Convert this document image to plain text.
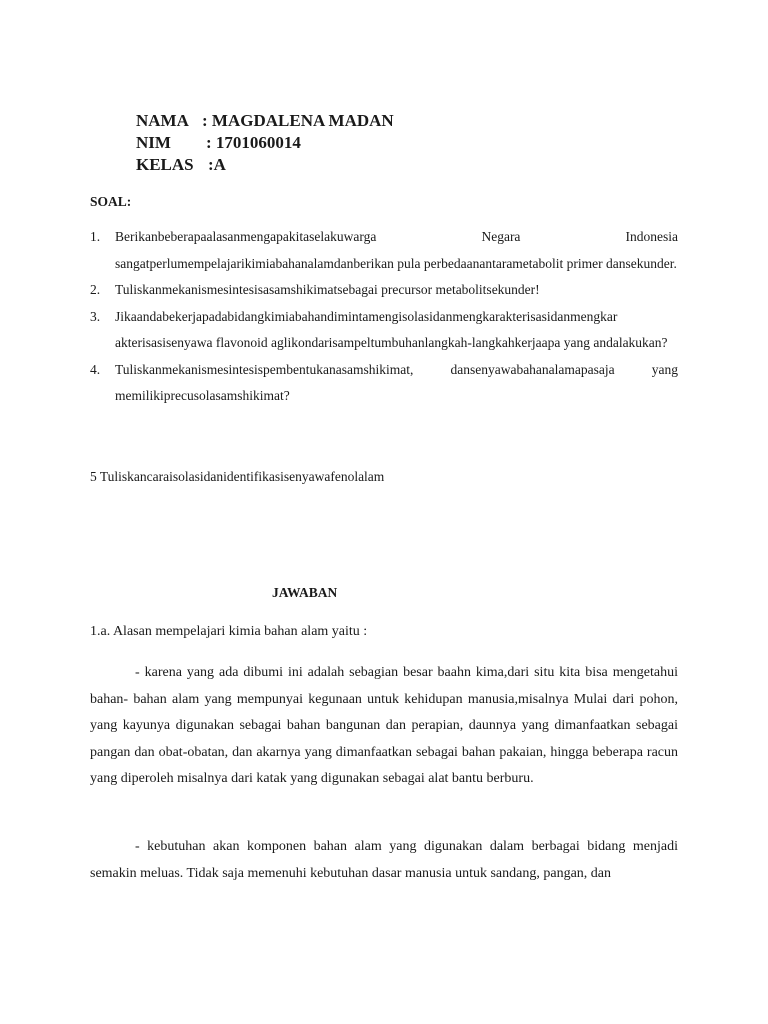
NAMA : MAGDALENA MADAN
NIM	: 1701060014
KELAS :A
SOAL:
1. Berikanbeberapaalasanmengapakitaselakuwarga Negara Indonesia sangatperlumempelajarikimiabahanalamdanberikan pula perbedaanantarametabolit primer dansekunder.
2. Tuliskanmekanismesintesisasamshikimatsebagai precursor metabolitsekunder!
3. Jikaandabekerjapadabidangkimiabahandimintamengisolasidanmengkarakterisasidanmengkar akterisasisenyawa flavonoid aglikondarisampeltumbuhanlangkah-langkahkerjaapa yang andalakukan?
4. Tuliskanmekanismesintesispembentukanasamshikimat, dansenyawabahanalamapasaja yang memilikiprecusolasamshikimat?
5 Tuliskancaraisolasidanidentifikasisenyawafenolalam
JAWABAN
1.a. Alasan mempelajari kimia bahan alam yaitu :

- karena yang ada dibumi ini adalah sebagian besar baahn kima,dari situ kita bisa mengetahui bahan- bahan alam yang mempunyai kegunaan untuk kehidupan manusia,misalnya Mulai dari pohon, yang kayunya digunakan sebagai bahan bangunan dan perapian, daunnya yang dimanfaatkan sebagai pangan dan obat-obatan, dan akarnya yang dimanfaatkan sebagai bahan pakaian, hingga beberapa racun yang diperoleh misalnya dari katak yang digunakan sebagai alat bantu berburu.

- kebutuhan akan komponen bahan alam yang digunakan dalam berbagai bidang menjadi semakin meluas. Tidak saja memenuhi kebutuhan dasar manusia untuk sandang, pangan, dan
